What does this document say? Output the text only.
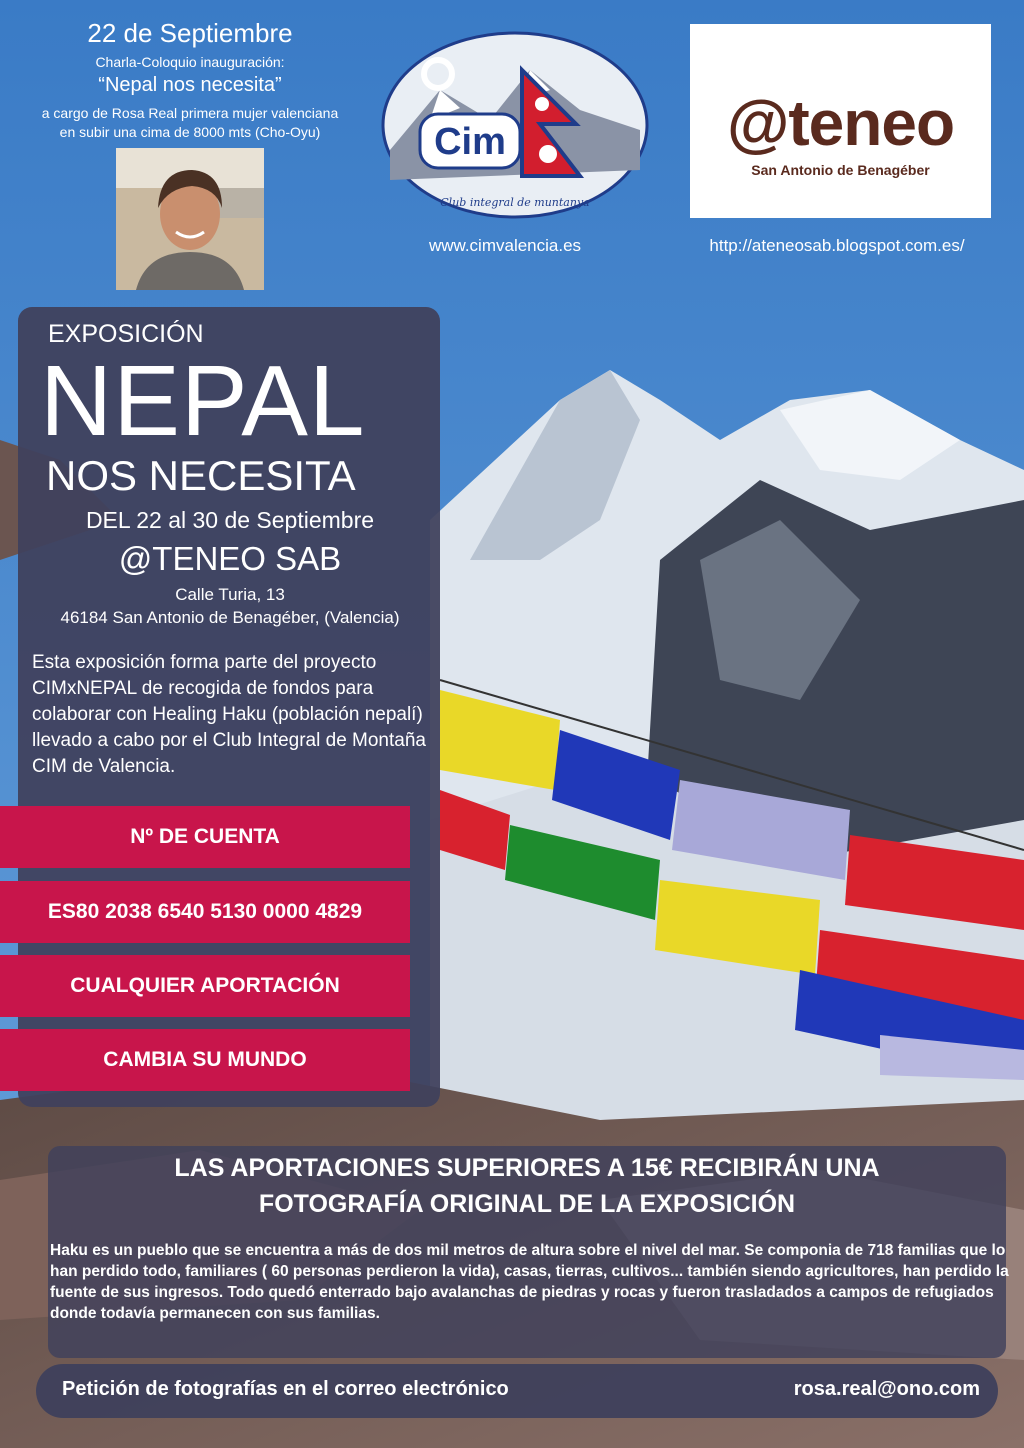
22 de Septiembre
Charla-Coloquio inauguración:
“Nepal nos necesita”
a cargo de Rosa Real primera mujer valenciana
en subir una cima de 8000 mts (Cho-Oyu)	Cim
Club integral de muntanya
www.cimvalencia.es
@teneo
San Antonio de Benagéber
http://ateneosab.blogspot.com.es/
EXPOSICIÓN
NEPAL
NOS NECESITA
DEL 22 al 30 de Septiembre
@TENEO SAB
Calle Turia, 13
46184 San Antonio de Benagéber, (Valencia)
Esta exposición forma parte del proyecto CIMxNEPAL de recogida de fondos para colaborar con Healing Haku (población nepalí) llevado a cabo por el Club Integral de Montaña CIM de Valencia.
Nº DE CUENTA
ES80 2038 6540 5130 0000 4829
CUALQUIER APORTACIÓN
CAMBIA SU MUNDO
LAS APORTACIONES SUPERIORES A 15€ RECIBIRÁN UNA
FOTOGRAFÍA ORIGINAL DE LA EXPOSICIÓN
Haku es un pueblo que se encuentra a más de dos mil metros de altura sobre el nivel del mar. Se componia de 718 familias que lo han perdido todo, familiares ( 60 personas perdieron la vida), casas, tierras, cultivos... también siendo agricultores, han perdido la fuente de sus ingresos. Todo quedó enterrado bajo avalanchas de piedras y rocas y fueron trasladados a campos de refugiados donde todavía permanecen con sus familias.
Petición de fotografías en el correo electrónico	rosa.real@ono.com
